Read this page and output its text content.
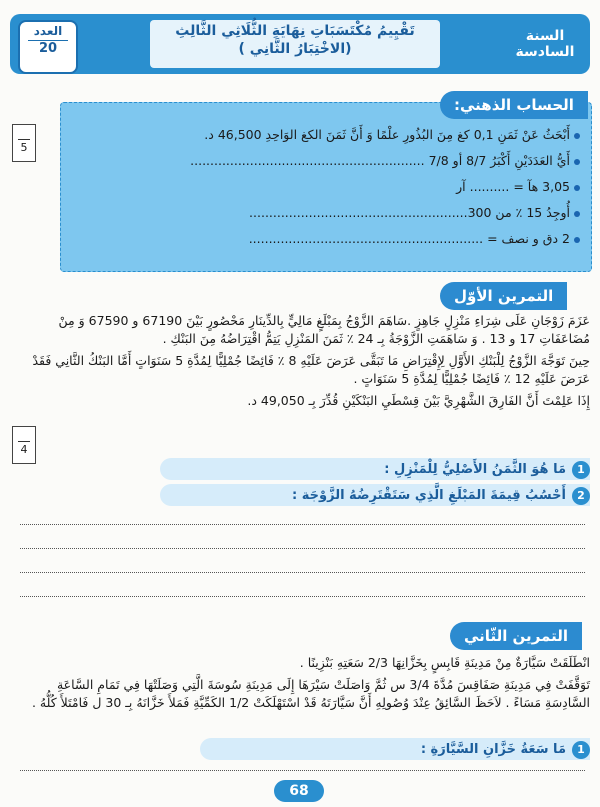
السنة
السادسة
تَقْيِيمُ مُكْتَسَبَاتِ نِهَايَةِ الثُّلَاثِي الثَّالِثِ
(الاخْتِبَارُ الثَّانِي )
العدد
20
الحساب الذهني:
5
أَبْحَثُ عَنْ ثَمَنِ 0,1 كغ مِنَ البُذُورِ علْمًا وَ أَنَّ ثَمَنَ الكغ الوَاحِدِ 46,500 د.
أَيُّ العَدَدَيْنِ أَكْبَرُ 8/7 أو 7/8 ...........................................................
3,05 هآ = .......... آر
أُوجِدُ 15 ٪ من 300.......................................................
2 دق و نصف = ...........................................................
التمرين الأوّل
عَزَمَ زَوْجَانِ عَلَى شِرَاءِ مَنْزِلٍ جَاهِزٍ .سَاهَمَ الزَّوْجُ بِمَبْلَغٍ مَالِيٍّ بِالدِّينَارِ مَحْصُورٍ بَيْنَ 67190 و 67590 وَ مِنْ مُضَاعَفَاتِ 17 و 13 . وَ سَاهَمَتِ الزَّوْجَةُ بِـ 24 ٪ ثَمَنَ المَنْزِلِ يَتِمُّ اقْتِرَاضُهُ مِنَ البَنْكِ .
حِينَ تَوَجَّهَ الزَّوْجُ لِلْبَنْكِ الأَوَّلِ لِإِقْتِرَاضِ مَا تَبَقَّى عَرَضَ عَلَيْهِ 8 ٪ فَائِضًا جُمْلِيًّا لِمُدَّةِ 5 سَنَوَاتٍ أَمَّا البَنْكُ الثَّانِي فَقَدْ عَرَضَ عَلَيْهِ 12 ٪ فَائِضًا جُمْلِيًّا لِمُدَّةِ 5 سَنَوَاتٍ .
إِذَا عَلِمْتَ أَنَّ الفَارِقَ الشَّهْرِيَّ بَيْنَ قِسْطَيِ البَنْكَيْنِ قُدِّرَ بِـ 49,050 د.
4
1مَا هُوَ الثَّمَنُ الأَصْلِيُّ لِلْمَنْزِلِ :
2أَحْسُبُ قِيمَةَ المَبْلَغِ الَّذِي سَتَقْتَرِضُهُ الزَّوْجَة :
التمرين الثّاني
انْطَلَقَتْ سَيَّارَةٌ مِنْ مَدِينَةِ قَابِسٍ بِخَزَّانِهَا 2/3 سَعَتِهِ بَنْزِينًا .
تَوَقَّفَتْ فِي مَدِينَةِ صَفَاقِسَ مُدَّةَ 3/4 س ثُمَّ وَاصَلَتْ سَيْرَهَا إِلَى مَدِينَةِ سُوسَةَ الَّتِي وَصَلَتْهَا فِي تَمَامِ السَّاعَةِ السَّادِسَةِ مَسَاءً . لاَحَظَ السَّائِقُ عِنْدَ وُصُولِهِ أَنَّ سَيَّارَتَهُ قَدْ اسْتَهْلَكَتْ 1/2 الكَمِّيَّةِ فَمَلأَ خَزَّانَهُ بِـ 30 ل فَامْتَلأَ كُلُّهُ .
1مَا سَعَةُ خَزَّانِ السَّيَّارَةِ :
68
